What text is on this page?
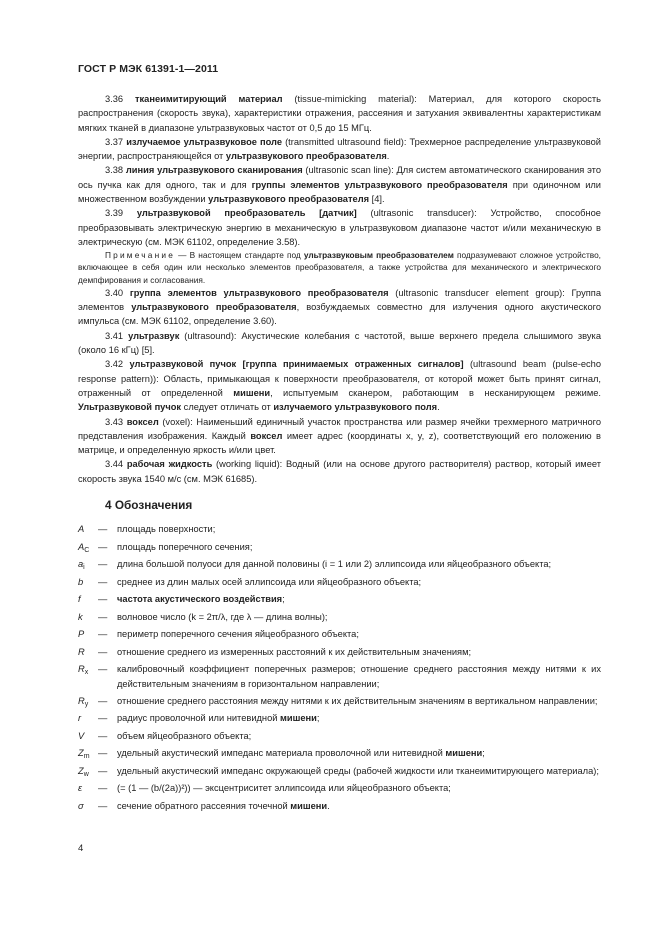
ГОСТ Р МЭК 61391-1—2011

3.36 тканеимитирующий материал (tissue-mimicking material): Материал, для которого скорость распространения (скорость звука), характеристики отражения, рассеяния и затухания эквивалентны характеристикам мягких тканей в диапазоне ультразвуковых частот от 0,5 до 15 МГц.

3.37 излучаемое ультразвуковое поле (transmitted ultrasound field): Трехмерное распределение ультразвуковой энергии, распространяющейся от ультразвукового преобразователя.

3.38 линия ультразвукового сканирования (ultrasonic scan line): Для систем автоматического сканирования это ось пучка как для одного, так и для группы элементов ультразвукового преобразователя при одиночном или множественном возбуждении ультразвукового преобразователя [4].

3.39 ультразвуковой преобразователь [датчик] (ultrasonic transducer): Устройство, способное преобразовывать электрическую энергию в механическую в ультразвуковом диапазоне частот и/или механическую в электрическую (см. МЭК 61102, определение 3.58).

Примечание — В настоящем стандарте под ультразвуковым преобразователем подразумевают сложное устройство, включающее в себя один или несколько элементов преобразователя, а также устройства для механического и электрического демпфирования и согласования.

3.40 группа элементов ультразвукового преобразователя (ultrasonic transducer element group): Группа элементов ультразвукового преобразователя, возбуждаемых совместно для излучения одного акустического импульса (см. МЭК 61102, определение 3.60).

3.41 ультразвук (ultrasound): Акустические колебания с частотой, выше верхнего предела слышимого звука (около 16 кГц) [5].

3.42 ультразвуковой пучок [группа принимаемых отраженных сигналов] (ultrasound beam (pulse-echo response pattern)): Область, примыкающая к поверхности преобразователя, от которой может быть принят сигнал, отраженный от определенной мишени, испытуемым сканером, работающим в несканирующем режиме. Ультразвуковой пучок следует отличать от излучаемого ультразвукового поля.

3.43 воксел (voxel): Наименьший единичный участок пространства или размер ячейки трехмерного матричного представления изображения. Каждый воксел имеет адрес (координаты x, y, z), соответствующий его положению в матрице, и определенную яркость и/или цвет.

3.44 рабочая жидкость (working liquid): Водный (или на основе другого растворителя) раствор, который имеет скорость звука 1540 м/с (см. МЭК 61685).

4 Обозначения
A	—	площадь поверхности;
$A_C$ —	площадь поперечного сечения;
$a_i$	—	длина большой полуоси для данной половины (i = 1 или 2) эллипсоида или яйцеобразного объекта;
b	—	среднее из длин малых осей эллипсоида или яйцеобразного объекта;
f	—	частота акустического воздействия;
k	—	волновое число (k = 2π/λ, где λ — длина волны);
P	—	периметр поперечного сечения яйцеобразного объекта;
R	—	отношение среднего из измеренных расстояний к их действительным значениям;
$R_x$	—	калибровочный коэффициент поперечных размеров; отношение среднего расстояния между нитями к их действительным значениям в горизонтальном направлении;
$R_y$	—	отношение среднего расстояния между нитями к их действительным значениям в вертикальном направлении;
r	—	радиус проволочной или нитевидной мишени;
V	—	объем яйцеобразного объекта;
$Z_m$ —	удельный акустический импеданс материала проволочной или нитевидной мишени;
$Z_w$ —	удельный акустический импеданс окружающей среды (рабочей жидкости или тканеимитирующего материала);
ε	—	(= (1 — (b/(2a))²)) — эксцентриситет эллипсоида или яйцеобразного объекта;
σ	—	сечение обратного рассеяния точечной мишени.
4
